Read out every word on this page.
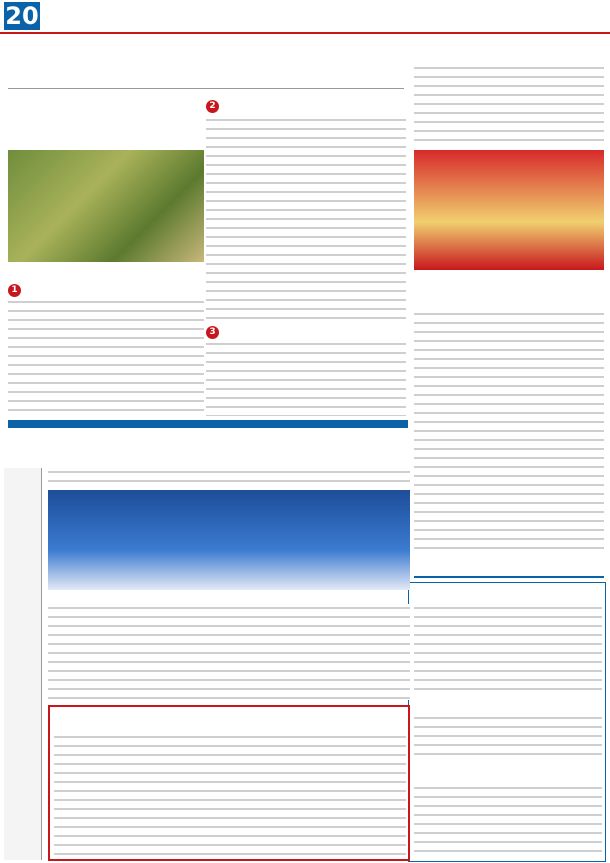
20
2
1
3
